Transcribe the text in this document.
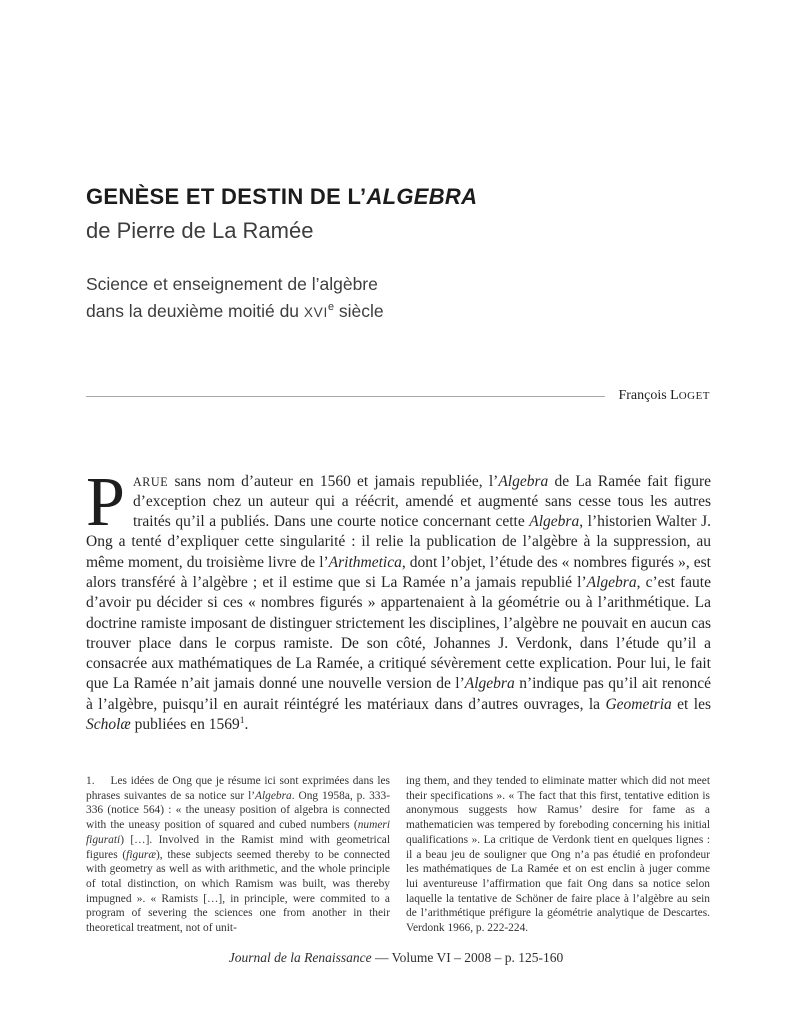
GENÈSE ET DESTIN DE L’ALGEBRA
de Pierre de La Ramée
Science et enseignement de l’algèbre
dans la deuxième moitié du XVIe siècle
François LOGET

PARUE sans nom d’auteur en 1560 et jamais republiée, l’Algebra de La Ramée fait figure d’exception chez un auteur qui a réécrit, amendé et augmenté sans cesse tous les autres traités qu’il a publiés. Dans une courte notice concernant cette Algebra, l’historien Walter J. Ong a tenté d’expliquer cette singularité : il relie la publication de l’algèbre à la suppression, au même moment, du troisième livre de l’Arithmetica, dont l’objet, l’étude des « nombres figurés », est alors transféré à l’algèbre ; et il estime que si La Ramée n’a jamais republié l’Algebra, c’est faute d’avoir pu décider si ces « nombres figurés » appartenaient à la géométrie ou à l’arithmétique. La doctrine ramiste imposant de distinguer strictement les disciplines, l’algèbre ne pouvait en aucun cas trouver place dans le corpus ramiste. De son côté, Johannes J. Verdonk, dans l’étude qu’il a consacrée aux mathématiques de La Ramée, a critiqué sévèrement cette explication. Pour lui, le fait que La Ramée n’ait jamais donné une nouvelle version de l’Algebra n’indique pas qu’il ait renoncé à l’algèbre, puisqu’il en aurait réintégré les matériaux dans d’autres ouvrages, la Geometria et les Scholæ publiées en 1569$^1$.

1. Les idées de Ong que je résume ici sont exprimées dans les phrases suivantes de sa notice sur l’Algebra. Ong 1958a, p. 333-336 (notice 564) : « the uneasy position of algebra is connected with the uneasy position of squared and cubed numbers (numeri figurati) […]. Involved in the Ramist mind with geometrical figures (figuræ), these subjects seemed thereby to be connected with geometry as well as with arithmetic, and the whole principle of total distinction, on which Ramism was built, was thereby impugned ». « Ramists […], in principle, were commited to a program of severing the sciences one from another in their theoretical treatment, not of unit-
ing them, and they tended to eliminate matter which did not meet their specifications ». « The fact that this first, tentative edition is anonymous suggests how Ramus’ desire for fame as a mathematicien was tempered by foreboding concerning his initial qualifications ». La critique de Verdonk tient en quelques lignes : il a beau jeu de souligner que Ong n’a pas étudié en profondeur les mathématiques de La Ramée et on est enclin à juger comme lui aventureuse l’affirmation que fait Ong dans sa notice selon laquelle la tentative de Schöner de faire place à l’algèbre au sein de l’arithmétique préfigure la géométrie analytique de Descartes. Verdonk 1966, p. 222-224.
Journal de la Renaissance — Volume VI – 2008 – p. 125-160
